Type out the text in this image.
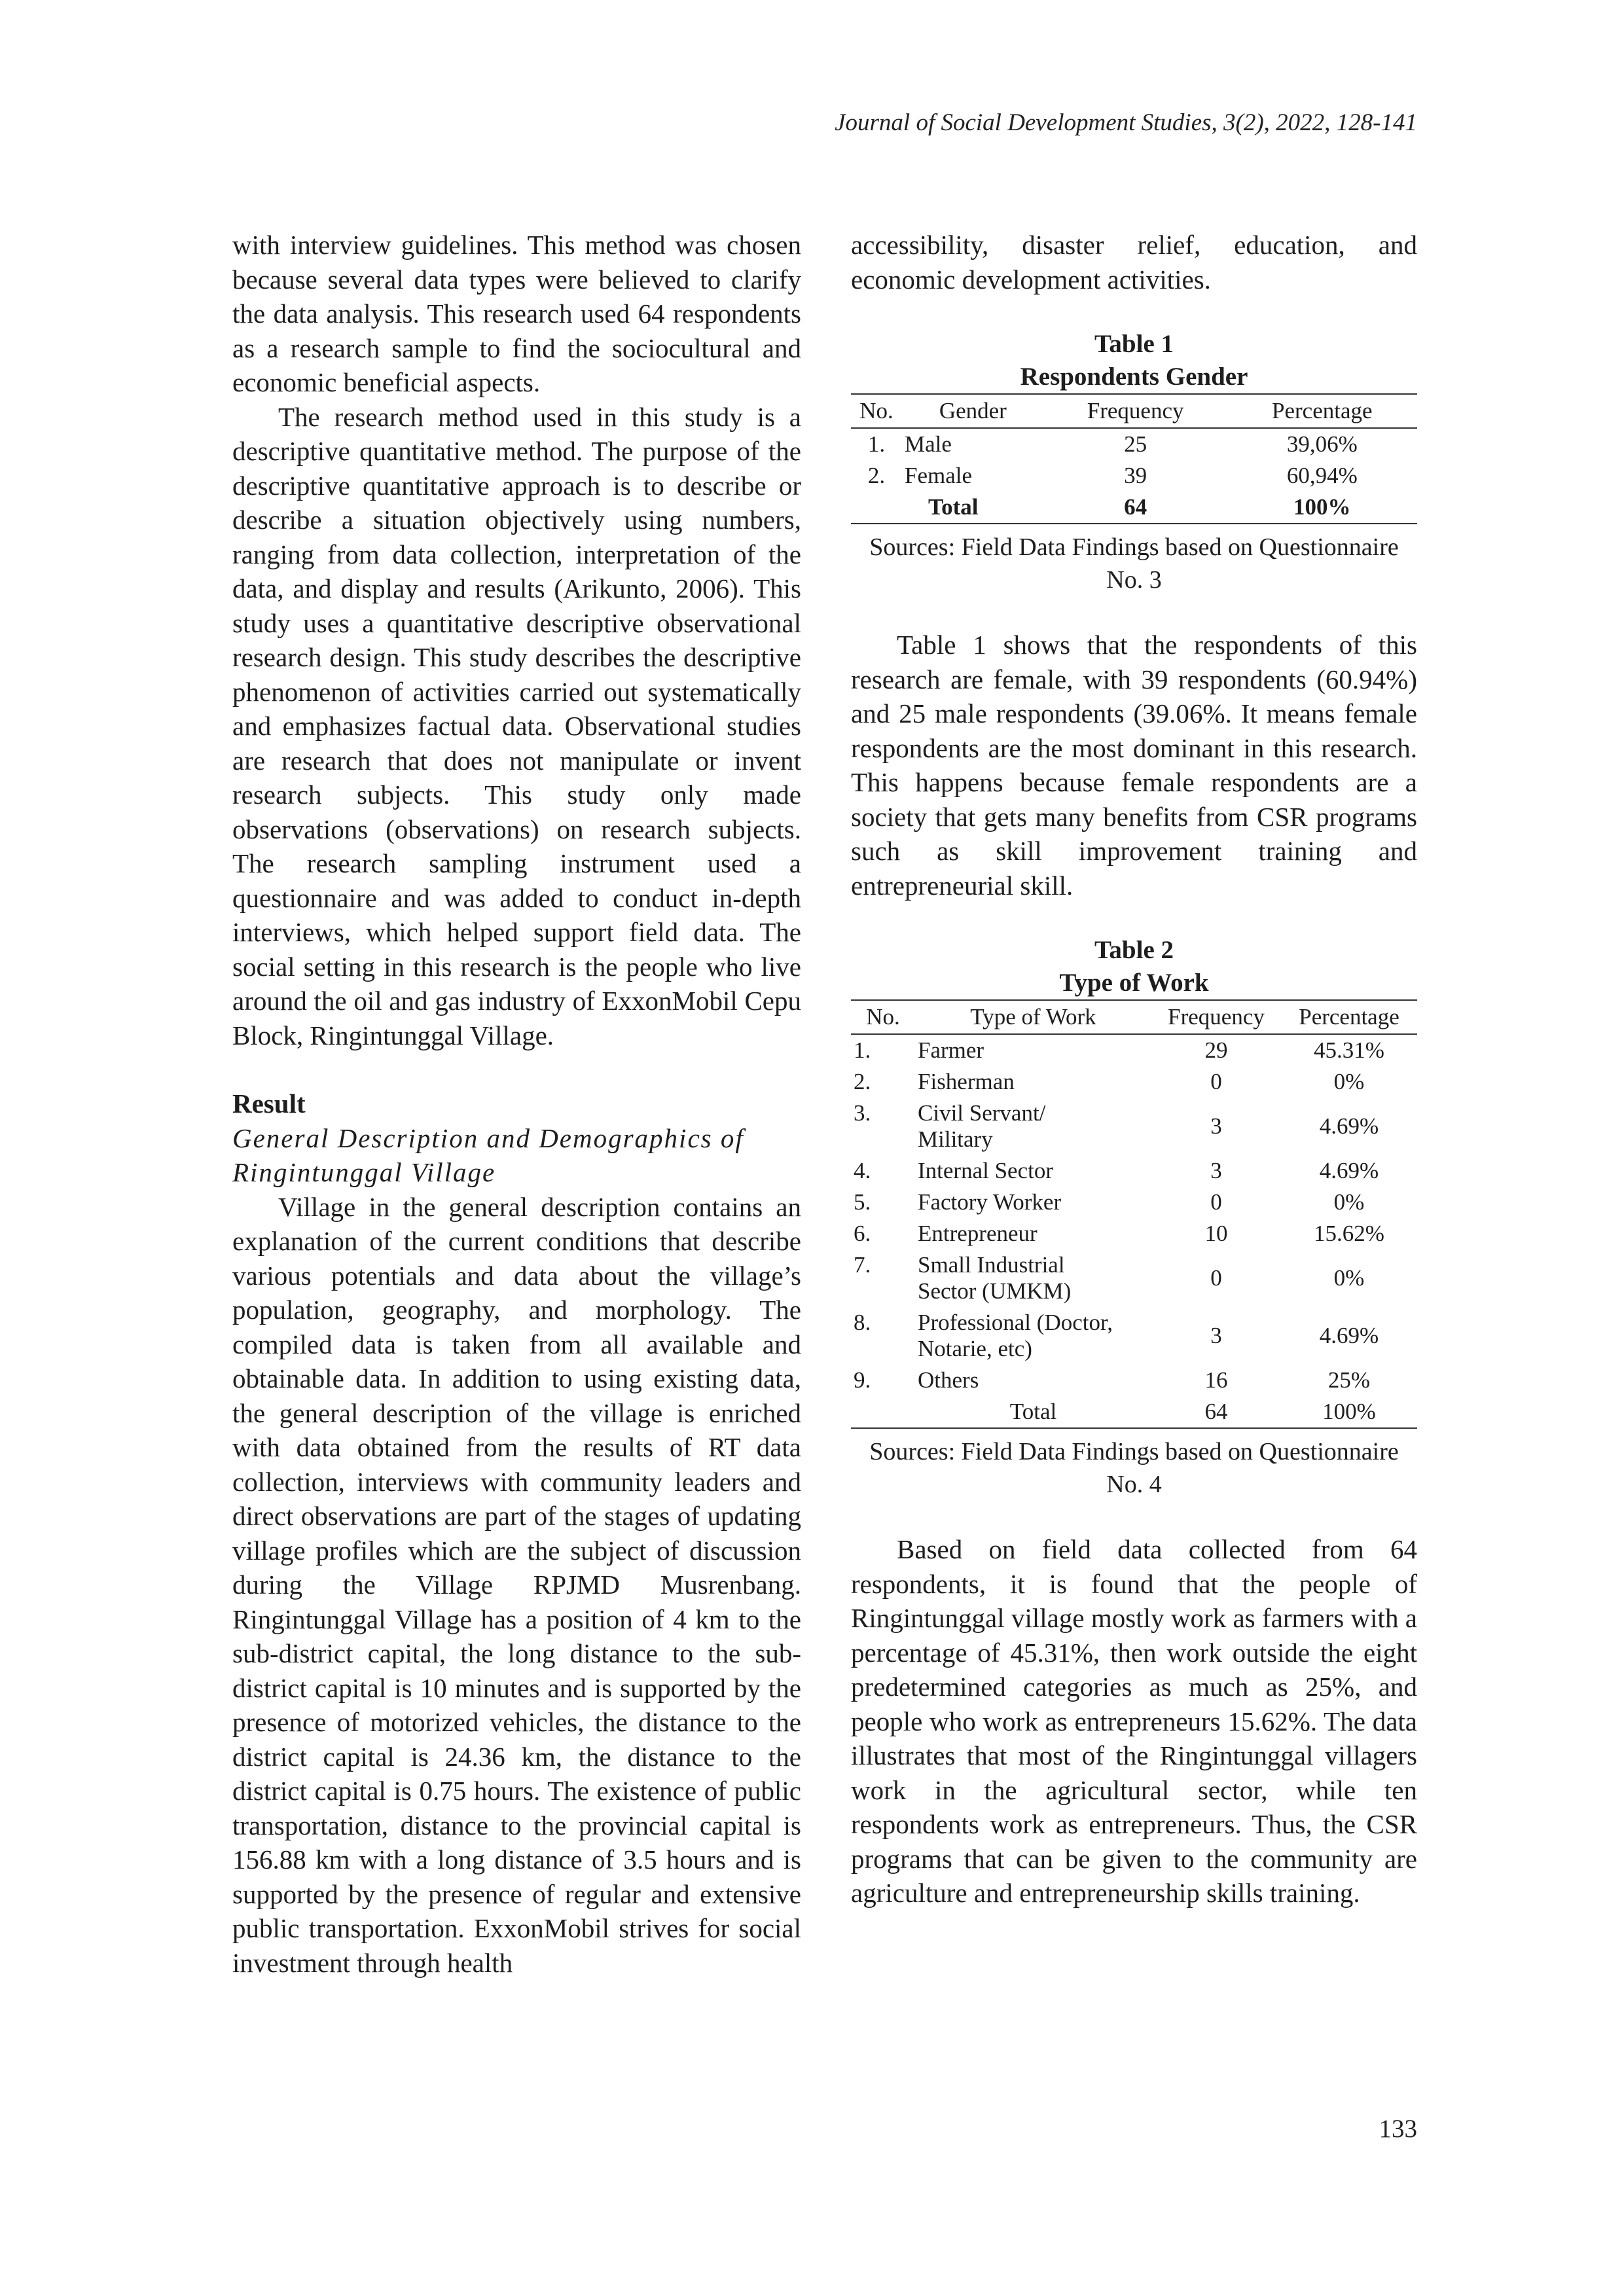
Journal of Social Development Studies, 3(2), 2022, 128-141

with interview guidelines. This method was chosen because several data types were believed to clarify the data analysis. This research used 64 respondents as a research sample to find the sociocultural and economic beneficial aspects.

The research method used in this study is a descriptive quantitative method. The purpose of the descriptive quantitative approach is to describe or describe a situation objectively using numbers, ranging from data collection, interpretation of the data, and display and results (Arikunto, 2006). This study uses a quantitative descriptive observational research design. This study describes the descriptive phenomenon of activities carried out systematically and emphasizes factual data. Observational studies are research that does not manipulate or invent research subjects. This study only made observations (observations) on research subjects. The research sampling instrument used a questionnaire and was added to conduct in-depth interviews, which helped support field data. The social setting in this research is the people who live around the oil and gas industry of ExxonMobil Cepu Block, Ringintunggal Village.

Result
General Description and Demographics of Ringintunggal Village

Village in the general description contains an explanation of the current conditions that describe various potentials and data about the village’s population, geography, and morphology. The compiled data is taken from all available and obtainable data. In addition to using existing data, the general description of the village is enriched with data obtained from the results of RT data collection, interviews with community leaders and direct observations are part of the stages of updating village profiles which are the subject of discussion during the Village RPJMD Musrenbang. Ringintunggal Village has a position of 4 km to the sub-district capital, the long distance to the sub-district capital is 10 minutes and is supported by the presence of motorized vehicles, the distance to the district capital is 24.36 km, the distance to the district capital is 0.75 hours. The existence of public transportation, distance to the provincial capital is 156.88 km with a long distance of 3.5 hours and is supported by the presence of regular and extensive public transportation. ExxonMobil strives for social investment through health

accessibility, disaster relief, education, and economic development activities.

Table 1
Respondents Gender
No.	Gender	Frequency	Percentage
1.	Male	25	39,06%
2.	Female	39	60,94%
	Total	64	100%
Sources: Field Data Findings based on Questionnaire No. 3

Table 1 shows that the respondents of this research are female, with 39 respondents (60.94%) and 25 male respondents (39.06%. It means female respondents are the most dominant in this research. This happens because female respondents are a society that gets many benefits from CSR programs such as skill improvement training and entrepreneurial skill.

Table 2
Type of Work
No.	Type of Work	Frequency	Percentage
1.	Farmer	29	45.31%
2.	Fisherman	0	0%
3.	Civil Servant/ Military	3	4.69%
4.	Internal Sector	3	4.69%
5.	Factory Worker	0	0%
6.	Entrepreneur	10	15.62%
7.	Small Industrial Sector (UMKM)	0	0%
8.	Professional (Doctor, Notarie, etc)	3	4.69%
9.	Others	16	25%
	Total	64	100%
Sources: Field Data Findings based on Questionnaire No. 4

Based on field data collected from 64 respondents, it is found that the people of Ringintunggal village mostly work as farmers with a percentage of 45.31%, then work outside the eight predetermined categories as much as 25%, and people who work as entrepreneurs 15.62%. The data illustrates that most of the Ringintunggal villagers work in the agricultural sector, while ten respondents work as entrepreneurs. Thus, the CSR programs that can be given to the community are agriculture and entrepreneurship skills training.

133
